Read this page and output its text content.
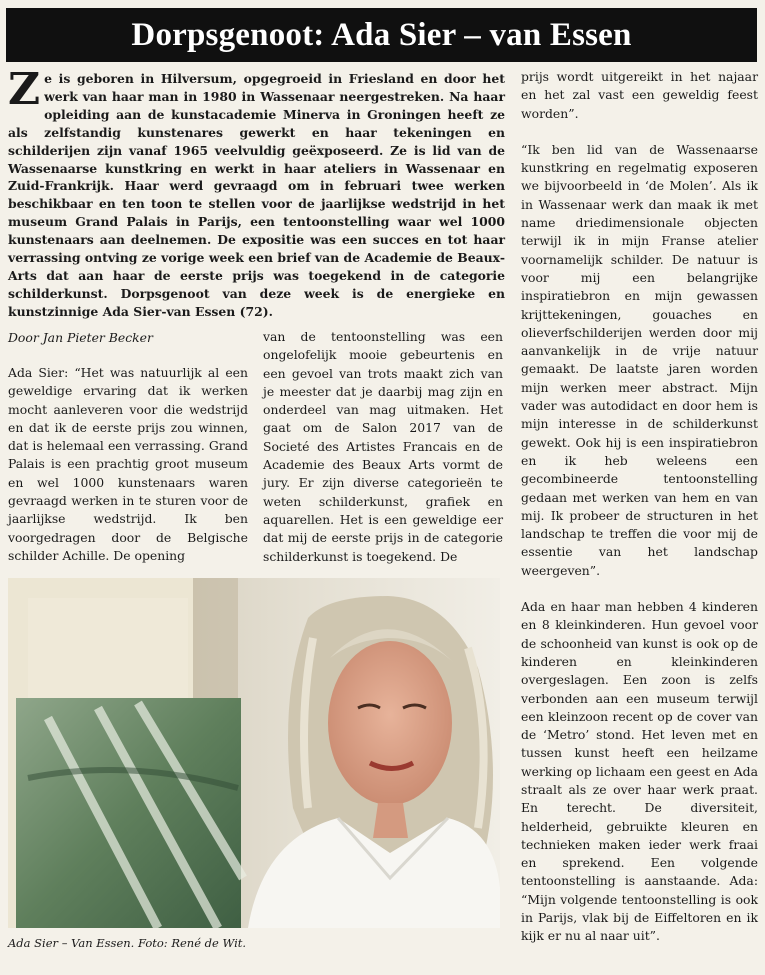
Dorpsgenoot: Ada Sier – van Essen
Ze is geboren in Hilversum, opgegroeid in Friesland en door het werk van haar man in 1980 in Wassenaar neergestreken. Na haar opleiding aan de kunstacademie Minerva in Groningen heeft ze als zelfstandig kunstenares gewerkt en haar tekeningen en schilderijen zijn vanaf 1965 veelvuldig geëxposeerd. Ze is lid van de Wassenaarse kunstkring en werkt in haar ateliers in Wassenaar en Zuid-Frankrijk. Haar werd gevraagd om in februari twee werken beschikbaar en ten toon te stellen voor de jaarlijkse wedstrijd in het museum Grand Palais in Parijs, een tentoonstelling waar wel 1000 kunstenaars aan deelnemen. De expositie was een succes en tot haar verrassing ontving ze vorige week een brief van de Academie de Beaux-Arts dat aan haar de eerste prijs was toegekend in de categorie schilderkunst. Dorpsgenoot van deze week is de energieke en kunstzinnige Ada Sier-van Essen (72).
Door Jan Pieter Becker

Ada Sier: “Het was natuurlijk al een geweldige ervaring dat ik werken mocht aanleveren voor die wedstrijd en dat ik de eerste prijs zou winnen, dat is helemaal een verrassing. Grand Palais is een prachtig groot museum en wel 1000 kunstenaars waren gevraagd werken in te sturen voor de jaarlijkse wedstrijd. Ik ben voorgedragen door de Belgische schilder Achille. De opening

van de tentoonstelling was een ongelofelijk mooie gebeurtenis en een gevoel van trots maakt zich van je meester dat je daarbij mag zijn en onderdeel van mag uitmaken. Het gaat om de Salon 2017 van de Societé des Artistes Francais en de Academie des Beaux Arts vormt de jury. Er zijn diverse categorieën te weten schilderkunst, grafiek en aquarellen. Het is een geweldige eer dat mij de eerste prijs in de categorie schilderkunst is toegekend. De

prijs wordt uitgereikt in het najaar en het zal vast een geweldig feest worden”.

“Ik ben lid van de Wassenaarse kunstkring en regelmatig exposeren we bijvoorbeeld in ‘de Molen’. Als ik in Wassenaar werk dan maak ik met name driedimensionale objecten terwijl ik in mijn Franse atelier voornamelijk schilder. De natuur is voor mij een belangrijke inspiratiebron en mijn gewassen krijttekeningen, gouaches en olieverfschilderijen werden door mij aanvankelijk in de vrije natuur gemaakt. De laatste jaren worden mijn werken meer abstract. Mijn vader was autodidact en door hem is mijn interesse in de schilderkunst gewekt. Ook hij is een inspiratiebron en ik heb weleens een gecombineerde tentoonstelling gedaan met werken van hem en van mij. Ik probeer de structuren in het landschap te treffen die voor mij de essentie van het landschap weergeven”.

Ada en haar man hebben 4 kinderen en 8 kleinkinderen. Hun gevoel voor de schoonheid van kunst is ook op de kinderen en kleinkinderen overgeslagen. Een zoon is zelfs verbonden aan een museum terwijl een kleinzoon recent op de cover van de ‘Metro’ stond. Het leven met en tussen kunst heeft een heilzame werking op lichaam een geest en Ada straalt als ze over haar werk praat. En terecht. De diversiteit, helderheid, gebruikte kleuren en technieken maken ieder werk fraai en sprekend. Een volgende tentoonstelling is aanstaande. Ada: “Mijn volgende tentoonstelling is ook in Parijs, vlak bij de Eiffeltoren en ik kijk er nu al naar uit”.

Ada Sier – Van Essen. Foto: René de Wit.
